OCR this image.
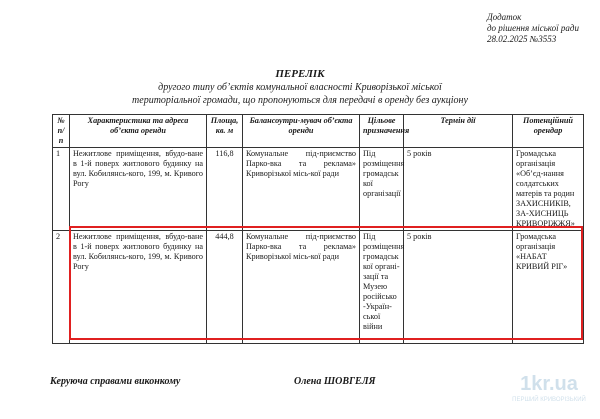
Додаток
до рішення міської ради
28.02.2025 №3553
ПЕРЕЛІК
другого типу об’єктів комунальної власності Криворізької міської
територіальної громади, що пропонуються для передачі в оренду без аукціону
№ п/ п	Характеристика та адреса об’єкта оренди	Площа, кв. м	Балансоутри-мувач об’єкта оренди	Цільове призначення	Термін дії	Потенційний орендар
1	Нежитлове приміщення, вбудо-ване в 1-й поверх житлового будинку на вул. Кобилянсь-кого, 199, м. Кривого Рогу	116,8	Комунальне під-приємство Парко-вка та реклама» Криворізької місь-кої ради	Під розміщення громадськ кої організації	5 років	Громадська організація «Об’єд-нання солдатських матерів та родин ЗАХИСНИКІВ, ЗА-ХИСНИЦЬ КРИВОРІЖЖЯ»
2	Нежитлове приміщення, вбудо-ване в 1-й поверх житлового будинку на вул. Кобилянсь-кого, 199, м. Кривого Рогу	444,8	Комунальне під-приємство Парко-вка та реклама» Криворізької місь-кої ради	Під розміщення громадськ кої органі-зації та Музею російсько -Україн-ської війни	5 років	Громадська організація «НАБАТ КРИВИЙ РІГ»
Керуюча справами виконкому	Олена ШОВГЕЛЯ	1kr.ua
ПЕРШИЙ КРИВОРІЗЬКИЙ
